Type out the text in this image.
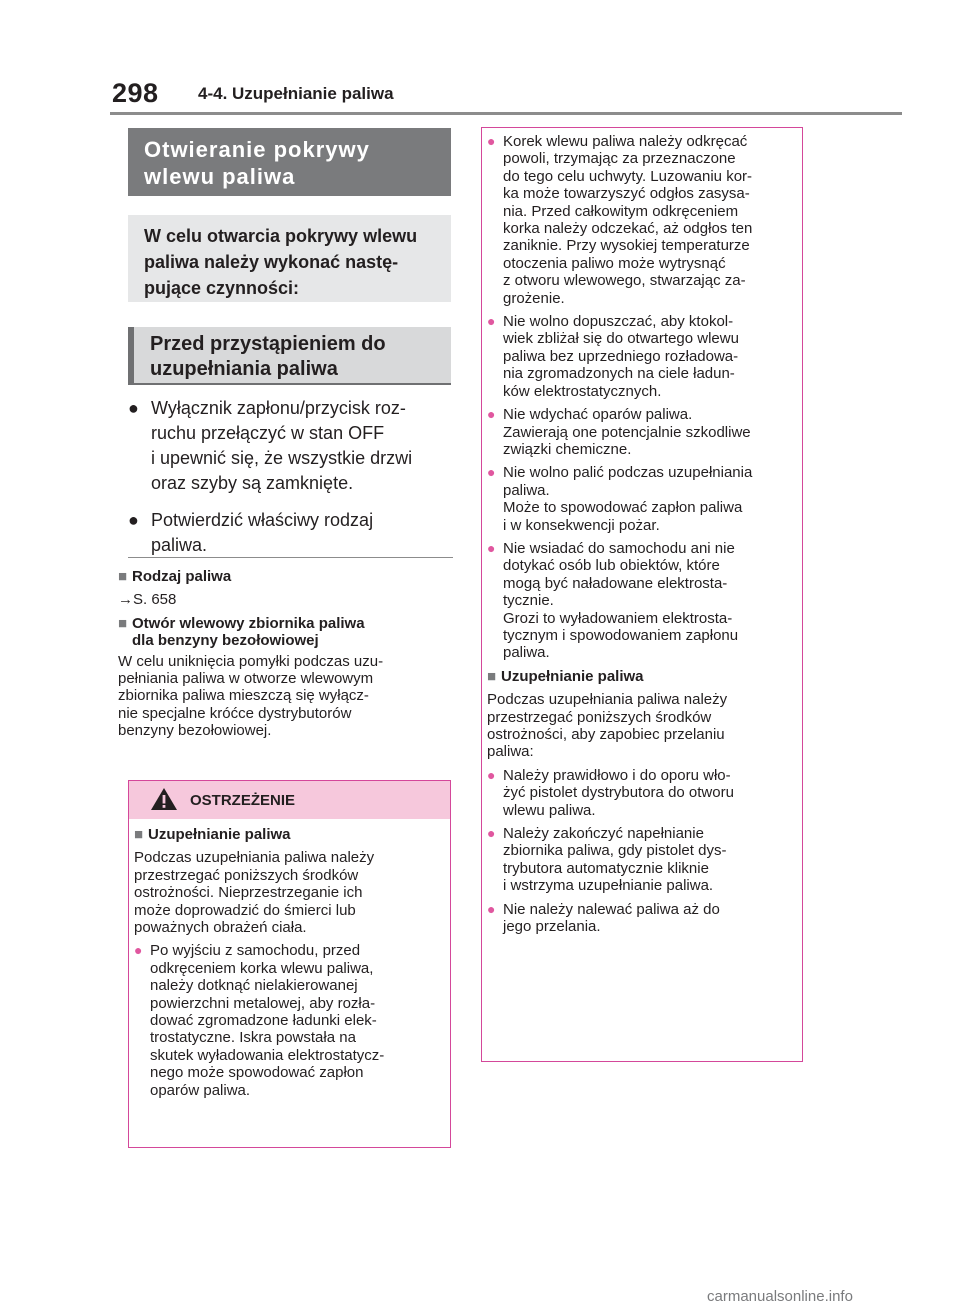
298 4-4. Uzupełnianie paliwa
Otwieranie pokrywy
wlewu paliwa
W celu otwarcia pokrywy wlewu
paliwa należy wykonać nastę-
pujące czynności:
Przed przystąpieniem do
uzupełniania paliwa
● Wyłącznik zapłonu/przycisk roz-
ruchu przełączyć w stan OFF
i upewnić się, że wszystkie drzwi
oraz szyby są zamknięte.
● Potwierdzić właściwy rodzaj
paliwa.
■ Rodzaj paliwa

→S. 658

■ Otwór wlewowy zbiornika paliwa
dla benzyny bezołowiowej

W celu uniknięcia pomyłki podczas uzu-

pełniania paliwa w otworze wlewowym

zbiornika paliwa mieszczą się wyłącz-

nie specjalne króćce dystrybutorów

benzyny bezołowiowej.

OSTRZEŻENIE
■ Uzupełnianie paliwa
Podczas uzupełniania paliwa należy
przestrzegać poniższych środków
ostrożności. Nieprzestrzeganie ich
może doprowadzić do śmierci lub
poważnych obrażeń ciała.
● Po wyjściu z samochodu, przed
odkręceniem korka wlewu paliwa,
należy dotknąć nielakierowanej
powierzchni metalowej, aby rozła-
dować zgromadzone ładunki elek-
trostatyczne. Iskra powstała na
skutek wyładowania elektrostatycz-
nego może spowodować zapłon
oparów paliwa.
● Korek wlewu paliwa należy odkręcać
powoli, trzymając za przeznaczone
do tego celu uchwyty. Luzowaniu kor-
ka może towarzyszyć odgłos zasysa-
nia. Przed całkowitym odkręceniem
korka należy odczekać, aż odgłos ten
zaniknie. Przy wysokiej temperaturze
otoczenia paliwo może wytrysnąć
z otworu wlewowego, stwarzając za-
grożenie.
● Nie wolno dopuszczać, aby ktokol-
wiek zbliżał się do otwartego wlewu
paliwa bez uprzedniego rozładowa-
nia zgromadzonych na ciele ładun-
ków elektrostatycznych.
● Nie wdychać oparów paliwa.
Zawierają one potencjalnie szkodliwe
związki chemiczne.
● Nie wolno palić podczas uzupełniania
paliwa.
Może to spowodować zapłon paliwa
i w konsekwencji pożar.
● Nie wsiadać do samochodu ani nie
dotykać osób lub obiektów, które
mogą być naładowane elektrosta-
tycznie.
Grozi to wyładowaniem elektrosta-
tycznym i spowodowaniem zapłonu
paliwa.
■ Uzupełnianie paliwa
Podczas uzupełniania paliwa należy
przestrzegać poniższych środków
ostrożności, aby zapobiec przelaniu
paliwa:
● Należy prawidłowo i do oporu wło-
żyć pistolet dystrybutora do otworu
wlewu paliwa.
● Należy zakończyć napełnianie
zbiornika paliwa, gdy pistolet dys-
trybutora automatycznie kliknie
i wstrzyma uzupełnianie paliwa.
● Nie należy nalewać paliwa aż do
jego przelania.
carmanualsonline.info
